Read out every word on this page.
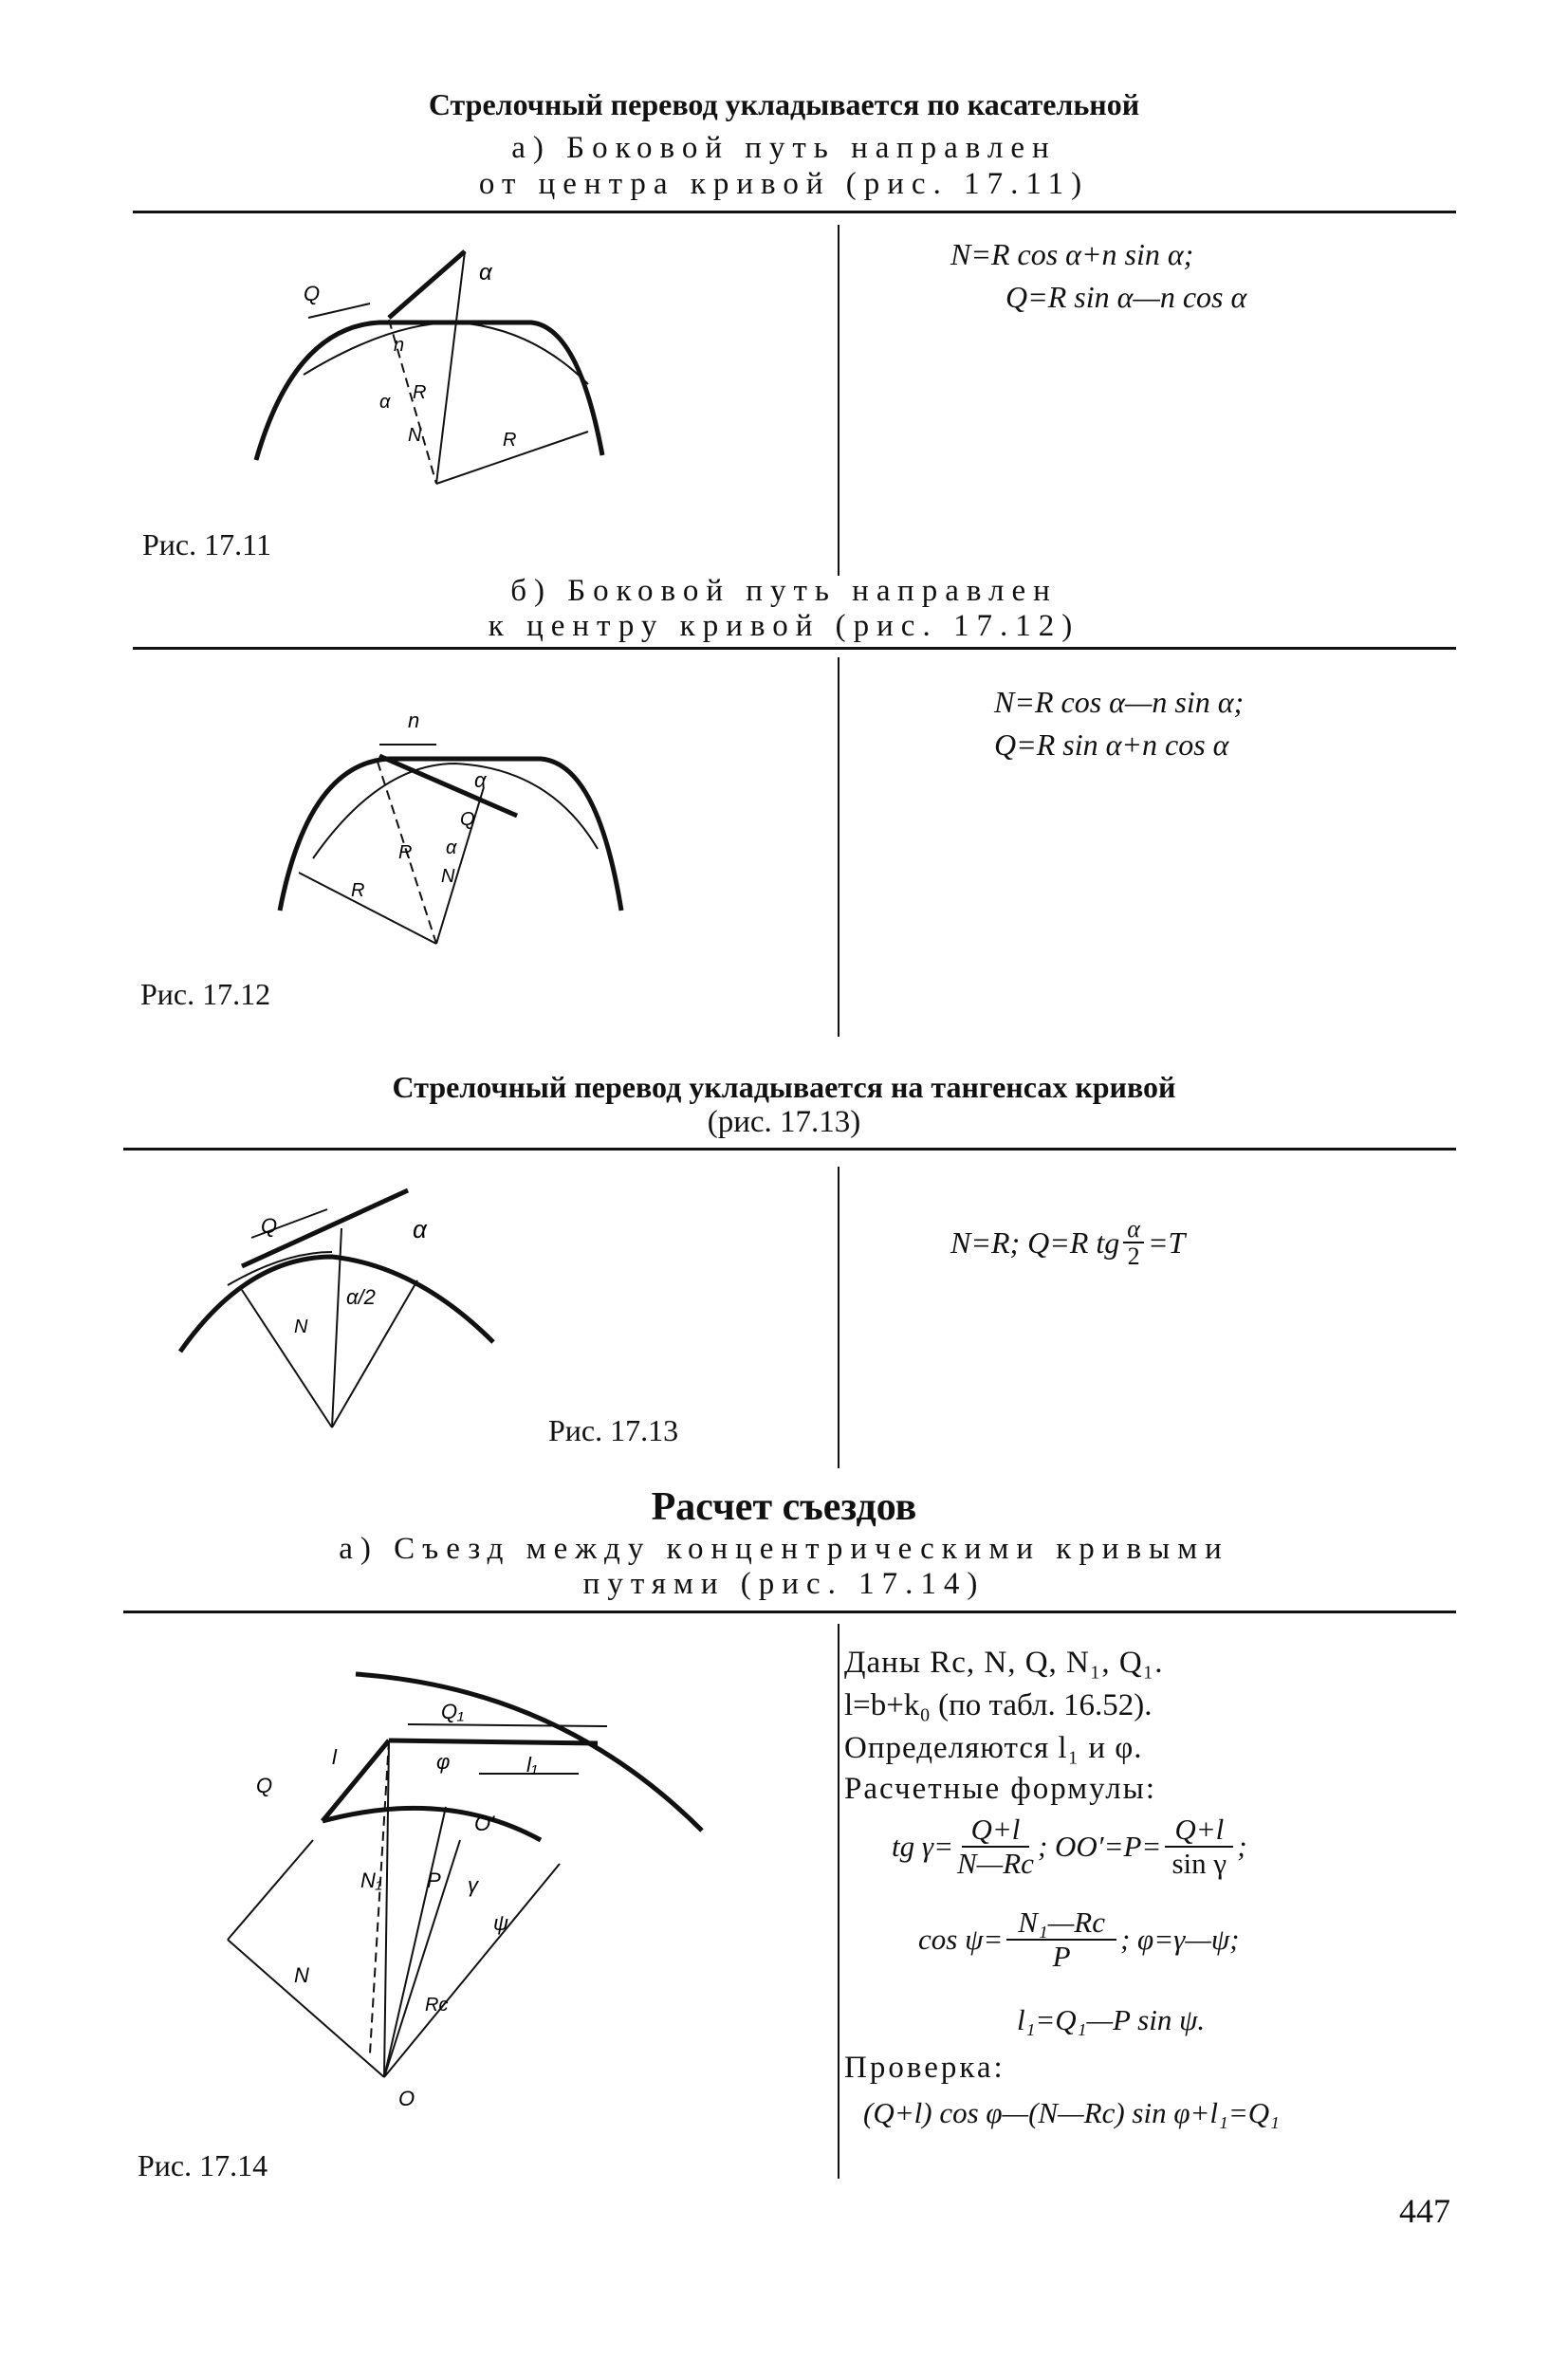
Стрелочный перевод укладывается по касательной
а) Боковой путь направлен
от центра кривой (рис. 17.11)
Q
α
n
α R
N	R
N=R cos α+n sin α;
Q=R sin α—n cos α
Рис. 17.11
б) Боковой путь направлен
к центру кривой (рис. 17.12)
n
α
Q
α
N
R
R
N=R cos α—n sin α;
Q=R sin α+n cos α
Рис. 17.12
Стрелочный перевод укладывается на тангенсах кривой
(рис. 17.13)
Q	α
N
α/2
N=R; Q=R tg $\frac{\alpha}{2} =T$
Рис. 17.13
Расчет съездов
а) Съезд между концентрическими кривыми
путями (рис. 17.14)
Q₁
l	φ	l₁
Q
O′
N₁ P γ
ψ
N
Rc
O
Даны Rс, N, Q, N₁, Q₁.
l=b+k₀ (по табл. 16.52).
Определяются l₁ и φ.
Расчетные формулы:
tg γ=
Q+l
N—Rс
; $OO'=P= \frac{Q+l}{\text{sin γ}}$ ;
cos ψ=
N₁—Rс
P
; φ=γ—ψ;
l₁=Q₁—P sin ψ.
Проверка:
(Q+l) cos φ—(N—Rс) sin φ+l₁=Q₁
Рис. 17.14
447
